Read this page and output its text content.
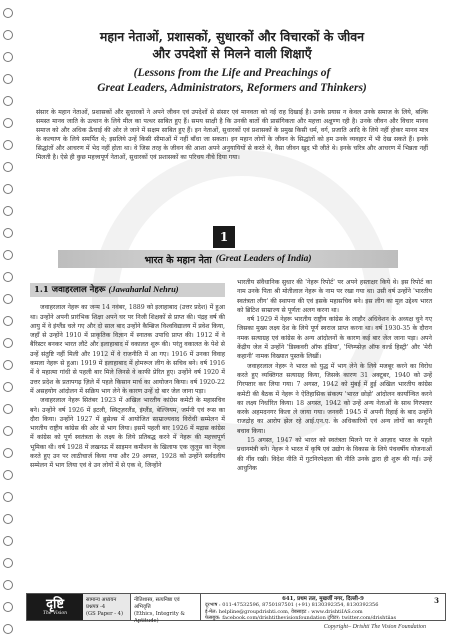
महान नेताओं, प्रशासकों, सुधारकों और विचारकों के जीवन
और उपदेशों से मिलने वाली शिक्षाएँ
(Lessons from the Life and Preachings of
Great Leaders, Administrators, Reformers and Thinkers)

संसार के महान नेताओं, प्रशासकों और सुधारकों ने अपने जीवन एवं उपदेशों से संसार एवं मानवता को नई राह दिखाई है। उनके प्रयास न केवल उनके समाज के लिये, बल्कि समस्त मानव जाति के उत्थान के लिये मील का पत्थर साबित हुए हैं। समय साक्षी है कि उनकी बातों की प्रासंगिकता और महत्ता अक्षुण्ण रही है। उनके जीवन और विचार मानव समाज को और अधिक ऊँचाई की ओर ले जाने में सक्षम साबित हुए हैं। इन नेताओं, सुधारकों एवं प्रशासकों के प्रमुख किसी धर्म, वर्ग, प्रजाति आदि के लिये नहीं होकर मानव मात्र के कल्याण के लिये समर्पित थे; इसलिये उन्हें किसी सीमाओं में नहीं बाँधा जा सकता। इन महान लोगों के जीवन के सिद्धांतों को हम उनके व्यवहार में भी देख सकते हैं। इनके सिद्धांतों और आचरण में भेद नहीं होता था। वे जिस तरह के जीवन की आशा अपने अनुयायियों से करते थे, वैसा जीवन खुद भी जीते थे। इनके चरित्र और आचरण में भिन्नता नहीं मिलती है। ऐसे ही कुछ महत्त्वपूर्ण नेताओं, सुधारकों एवं प्रशासकों का परिचय नीचे दिया गया।

1
भारत के महान नेता (Great Leaders of India)
1.1 जवाहरलाल नेहरू (Jawaharlal Nehru)

जवाहरलाल नेहरू का जन्म 14 नवंबर, 1889 को इलाहाबाद (उत्तर प्रदेश) में हुआ था। उन्होंने अपनी प्रारंभिक शिक्षा अपने घर पर निजी शिक्षकों से प्राप्त की। पंद्रह वर्ष की आयु में वे इंग्लैंड चले गए और दो साल बाद उन्होंने कैम्ब्रिज विश्वविद्यालय में प्रवेश किया, जहाँ से उन्होंने 1910 में प्राकृतिक विज्ञान में स्नातक उपाधि प्राप्त की। 1912 में वे बैरिस्टर बनकर भारत लौटे और इलाहाबाद में वकालत शुरू की। परंतु वकालत के पेशे से उन्हें संतुष्टि नहीं मिली और 1912 में वे राजनीति में आ गए। 1916 में उनका विवाह कमला नेहरू से हुआ। 1919 में इलाहाबाद में होमरूल लीग के सचिव बने। वर्ष 1916 में वे महात्मा गांधी से पहली बार मिले जिनसे वे काफी प्रेरित हुए। उन्होंने वर्ष 1920 में उत्तर प्रदेश के प्रतापगढ़ ज़िले में पहले किसान मार्च का आयोजन किया। वर्ष 1920-22 में असहयोग आंदोलन में सक्रिय भाग लेने के कारण उन्हें दो बार जेल जाना पड़ा।

जवाहरलाल नेहरू सितंबर 1923 में अखिल भारतीय कांग्रेस कमेटी के महासचिव बने। उन्होंने वर्ष 1926 में इटली, स्विट्ज़रलैंड, इंग्लैंड, बेल्जियम, जर्मनी एवं रूस का दौरा किया। उन्होंने 1927 में ब्रुसेल्स में आयोजित साम्राज्यवाद विरोधी सम्मेलन में भारतीय राष्ट्रीय कांग्रेस की ओर से भाग लिया। इसमें पहली बार 1926 में मद्रास कांग्रेस में कांग्रेस को पूर्ण स्वतंत्रता के लक्ष्य के लिये प्रतिबद्ध करने में नेहरू की महत्त्वपूर्ण भूमिका थी। वर्ष 1928 में लखनऊ में साइमन कमीशन के खिलाफ एक जुलूस का नेतृत्व करते हुए उन पर लाठीचार्ज किया गया और 29 अगस्त, 1928 को उन्होंने सर्वदलीय सम्मेलन में भाग लिया एवं वे उन लोगों में से एक थे, जिन्होंने

भारतीय संवैधानिक सुधार की 'नेहरू रिपोर्ट' पर अपने हस्ताक्षर किये थे। इस रिपोर्ट का नाम उनके पिता श्री मोतीलाल नेहरू के नाम पर रखा गया था। उसी वर्ष उन्होंने 'भारतीय स्वतंत्रता लीग' की स्थापना की एवं इसके महासचिव बने। इस लीग का मूल उद्देश्य भारत को ब्रिटिश साम्राज्य से पूर्णतः अलग करना था।

वर्ष 1929 में नेहरू भारतीय राष्ट्रीय कांग्रेस के लाहौर अधिवेशन के अध्यक्ष चुने गए जिसका मुख्य लक्ष्य देश के लिये पूर्ण स्वराज प्राप्त करना था। वर्ष 1930-35 के दौरान नमक सत्याग्रह एवं कांग्रेस के अन्य आंदोलनों के कारण कई बार जेल जाना पड़ा। अपने केंद्रीय जेल में उन्होंने 'डिस्कवरी ऑफ इंडिया', 'ग्लिम्प्सेज़ ऑफ वर्ल्ड हिस्ट्री' और 'मेरी कहानी' नामक विख्यात पुस्तकें लिखीं।

जवाहरलाल नेहरू ने भारत को युद्ध में भाग लेने के लिये मजबूर करने का विरोध करते हुए व्यक्तिगत सत्याग्रह किया, जिसके कारण 31 अक्टूबर, 1940 को उन्हें गिरफ्तार कर लिया गया। 7 अगस्त, 1942 को मुंबई में हुई अखिल भारतीय कांग्रेस कमेटी की बैठक में नेहरू ने ऐतिहासिक संकल्प 'भारत छोड़ो' आंदोलन कार्यान्वित करने का लक्ष्य निर्धारित किया। 18 अगस्त, 1942 को उन्हें अन्य नेताओं के साथ गिरफ्तार करके अहमदनगर किला ले जाया गया। जनवरी 1945 में अपनी रिहाई के बाद उन्होंने राजद्रोह का आरोप झेल रहे आई.एन.ए. के अधिकारियों एवं अन्य लोगों का कानूनी बचाव किया।

15 अगस्त, 1947 को भारत को स्वतंत्रता मिलने पर वे आज़ाद भारत के पहले प्रधानमंत्री बने। नेहरू ने भारत में कृषि एवं उद्योग के विकास के लिये पंचवर्षीय योजनाओं की नींव रखी। विदेश नीति में गुटनिरपेक्षता की नीति उनके द्वारा ही शुरू की गई। उन्हें आधुनिक

दृष्टि
The Vision
सामान्य अध्ययन
प्रश्नपत्र -4
(GS Paper - 4)
नीतिशास्त्र, सत्यनिष्ठा एवं अभिवृत्ति
(Ethics, Integrity & Aptitude)
641, प्रथम तल, मुखर्जी नगर, दिल्ली-9
दूरभाष : 011-47532596, 8750187501 (+91) 8130392354, 8130392356
ई-मेल: helpline@groupdrishti.com, वेबसाइट : www.drishtiIAS.com
फेसबुक: facebook.com/drishtithevisionfoundation ट्विटर: twitter.com/drishtiias
3
Copyright– Drishti The Vision Foundation
